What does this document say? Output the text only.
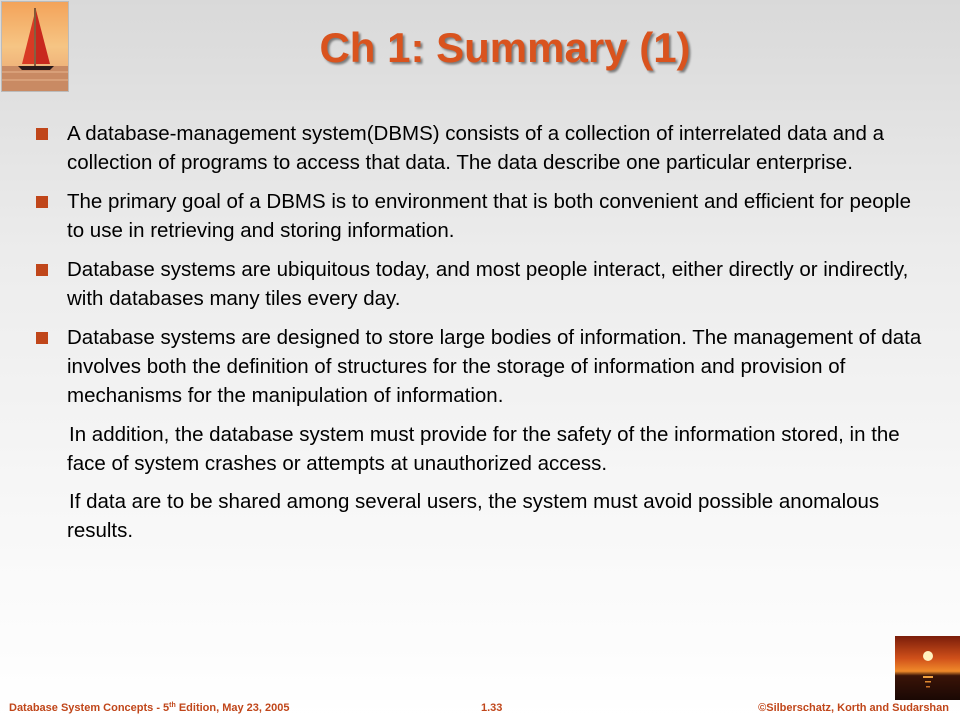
Ch 1: Summary (1)
A database-management system(DBMS) consists of a collection of interrelated data and a collection of programs to access that data. The data describe one particular enterprise.
The primary goal of a DBMS is to environment that is both convenient and efficient for people to use in retrieving and storing information.
Database systems are ubiquitous today, and most people interact, either directly or indirectly, with databases many tiles every day.
Database systems are designed to store large bodies of information. The management of data involves both the definition of structures for the storage of information and provision of mechanisms for the manipulation of information.
In addition, the database system must provide for the safety of the information stored, in the face of system crashes or attempts at unauthorized access.
If data are to be shared among several users, the system must avoid possible anomalous results.
Database System Concepts - 5th Edition, May 23, 2005	1.33	©Silberschatz, Korth and Sudarshan
